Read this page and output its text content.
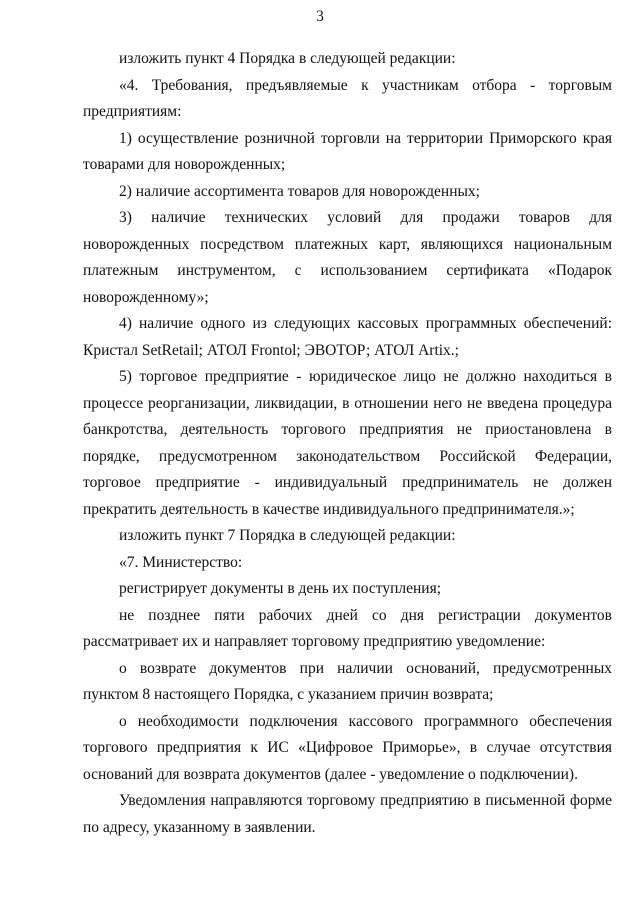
3

изложить пункт 4 Порядка в следующей редакции:

«4. Требования, предъявляемые к участникам отбора - торговым предприятиям:

1) осуществление розничной торговли на территории Приморского края товарами для новорожденных;

2) наличие ассортимента товаров для новорожденных;

3) наличие технических условий для продажи товаров для новорожденных посредством платежных карт, являющихся национальным платежным инструментом, с использованием сертификата «Подарок новорожденному»;

4) наличие одного из следующих кассовых программных обеспечений: Кристал SetRetail; АТОЛ Frontol; ЭВОТОР; АТОЛ Artix.;

5) торговое предприятие - юридическое лицо не должно находиться в процессе реорганизации, ликвидации, в отношении него не введена процедура банкротства, деятельность торгового предприятия не приостановлена в порядке, предусмотренном законодательством Российской Федерации, торговое предприятие - индивидуальный предприниматель не должен прекратить деятельность в качестве индивидуального предпринимателя.»;

изложить пункт 7 Порядка в следующей редакции:

«7. Министерство:

регистрирует документы в день их поступления;

не позднее пяти рабочих дней со дня регистрации документов рассматривает их и направляет торговому предприятию уведомление:

о возврате документов при наличии оснований, предусмотренных пунктом 8 настоящего Порядка, с указанием причин возврата;

о необходимости подключения кассового программного обеспечения торгового предприятия к ИС «Цифровое Приморье», в случае отсутствия оснований для возврата документов (далее - уведомление о подключении).

Уведомления направляются торговому предприятию в письменной форме по адресу, указанному в заявлении.
